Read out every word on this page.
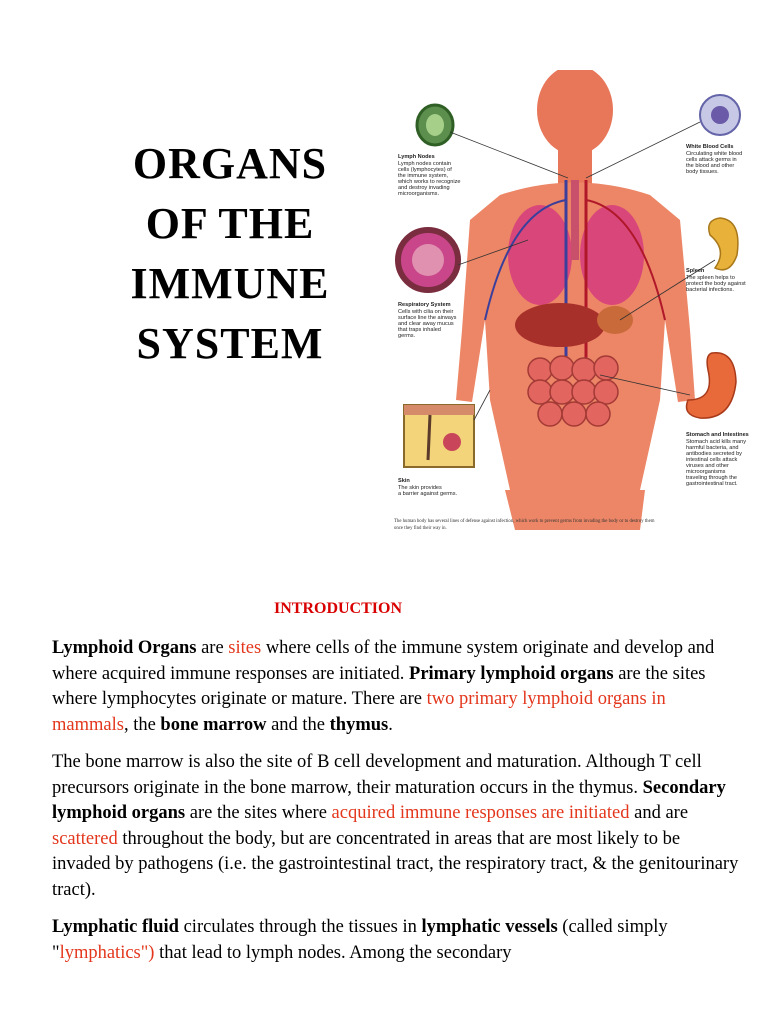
ORGANS
OF THE
IMMUNE
SYSTEM
Lymph Nodes
Lymph nodes contain
cells (lymphocytes) of
the immune system,
which works to recognize
and destroy invading
microorganisms.
White Blood Cells
Circulating white blood
cells attack germs in
the blood and other
body tissues.
Spleen
The spleen helps to
protect the body against
bacterial infections.
Respiratory System
Cells with cilia on their
surface line the airways
and clear away mucus
that traps inhaled
germs.
Stomach and Intestines
Stomach acid kills many
harmful bacteria, and
antibodies secreted by
intestinal cells attack
viruses and other
microorganisms
traveling through the
gastrointestinal tract.
Skin
The skin provides
a barrier against germs.
The human body has several lines of defense against infection, which work to prevent germs from invading the body or to destroy them
once they find their way in.
INTRODUCTION

Lymphoid Organs are sites where cells of the immune system originate and develop and where acquired immune responses are initiated. Primary lymphoid organs are the sites where lymphocytes originate or mature. There are two primary lymphoid organs in mammals, the bone marrow and the thymus.

The bone marrow is also the site of B cell development and maturation. Although T cell precursors originate in the bone marrow, their maturation occurs in the thymus. Secondary lymphoid organs are the sites where acquired immune responses are initiated and are scattered throughout the body, but are concentrated in areas that are most likely to be invaded by pathogens (i.e. the gastrointestinal tract, the respiratory tract, & the genitourinary tract).

Lymphatic fluid circulates through the tissues in lymphatic vessels (called simply "lymphatics") that lead to lymph nodes. Among the secondary
